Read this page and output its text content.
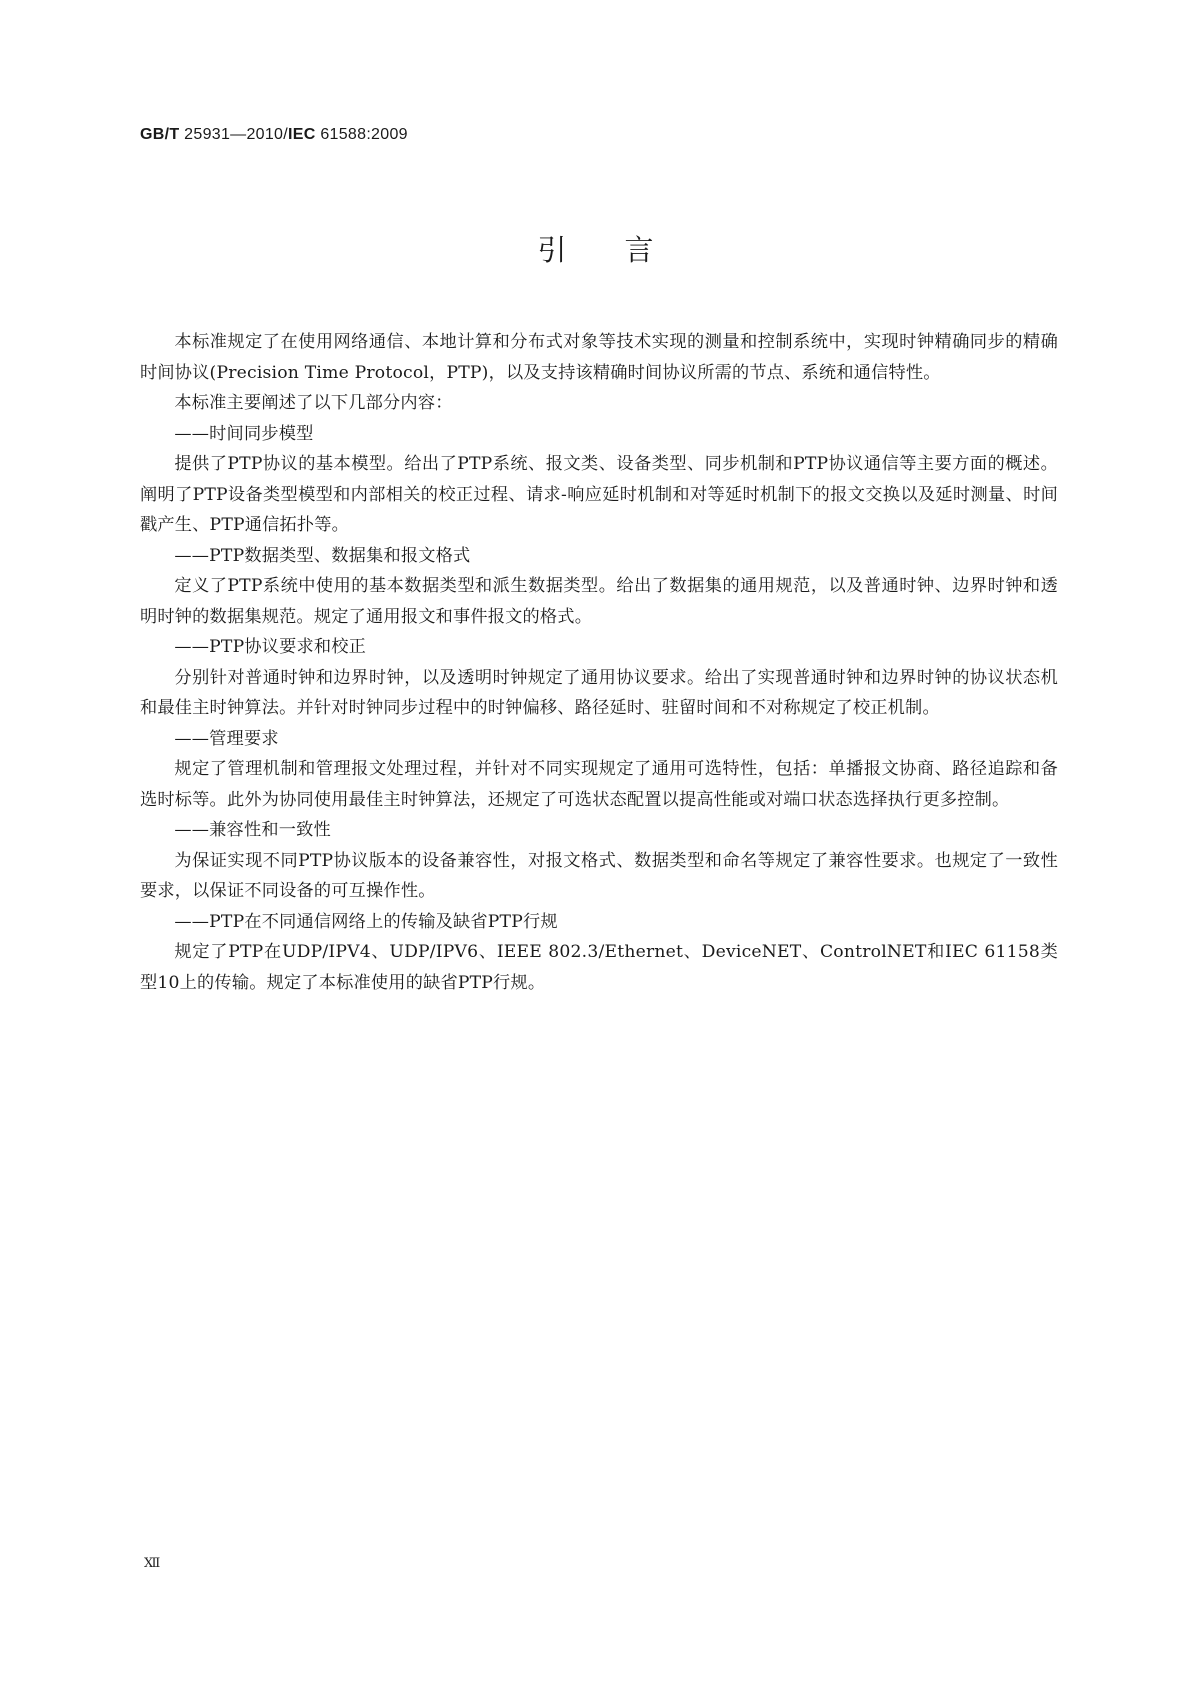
GB/T 25931—2010/IEC 61588:2009
引言

本标准规定了在使用网络通信、本地计算和分布式对象等技术实现的测量和控制系统中，实现时钟精确同步的精确时间协议(Precision Time Protocol，PTP)，以及支持该精确时间协议所需的节点、系统和通信特性。

本标准主要阐述了以下几部分内容：

——时间同步模型

提供了PTP协议的基本模型。给出了PTP系统、报文类、设备类型、同步机制和PTP协议通信等主要方面的概述。阐明了PTP设备类型模型和内部相关的校正过程、请求-响应延时机制和对等延时机制下的报文交换以及延时测量、时间戳产生、PTP通信拓扑等。

——PTP数据类型、数据集和报文格式

定义了PTP系统中使用的基本数据类型和派生数据类型。给出了数据集的通用规范，以及普通时钟、边界时钟和透明时钟的数据集规范。规定了通用报文和事件报文的格式。

——PTP协议要求和校正

分别针对普通时钟和边界时钟，以及透明时钟规定了通用协议要求。给出了实现普通时钟和边界时钟的协议状态机和最佳主时钟算法。并针对时钟同步过程中的时钟偏移、路径延时、驻留时间和不对称规定了校正机制。

——管理要求

规定了管理机制和管理报文处理过程，并针对不同实现规定了通用可选特性，包括：单播报文协商、路径追踪和备选时标等。此外为协同使用最佳主时钟算法，还规定了可选状态配置以提高性能或对端口状态选择执行更多控制。

——兼容性和一致性

为保证实现不同PTP协议版本的设备兼容性，对报文格式、数据类型和命名等规定了兼容性要求。也规定了一致性要求，以保证不同设备的可互操作性。

——PTP在不同通信网络上的传输及缺省PTP行规

规定了PTP在UDP/IPV4、UDP/IPV6、IEEE 802.3/Ethernet、DeviceNET、ControlNET和IEC 61158类型10上的传输。规定了本标准使用的缺省PTP行规。

Ⅻ
